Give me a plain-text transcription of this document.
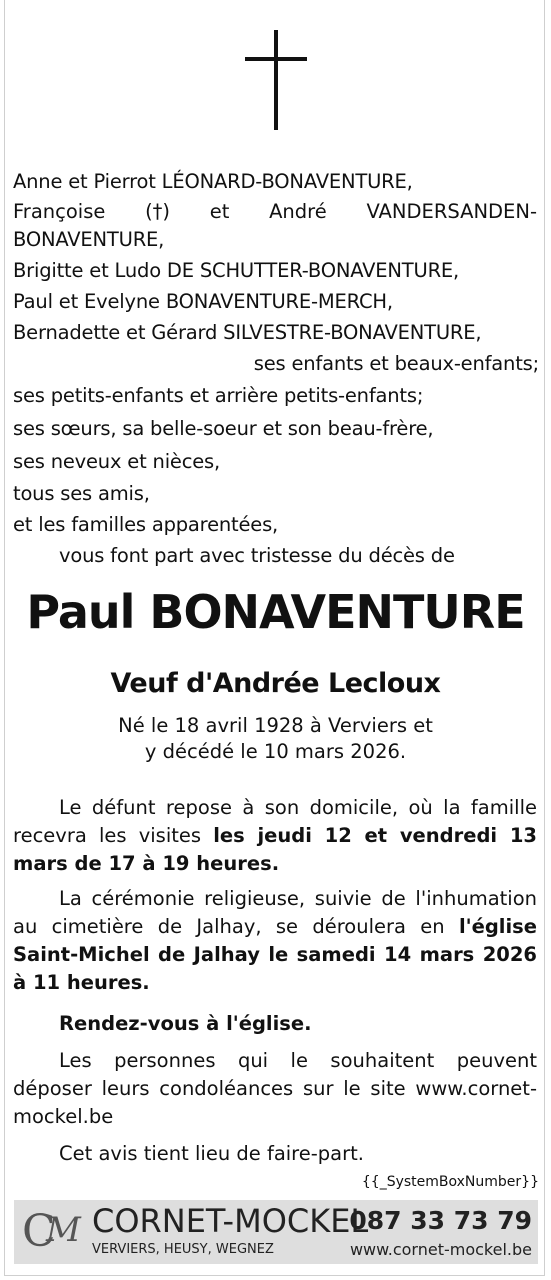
Anne et Pierrot LÉONARD-BONAVENTURE,
Françoise (†) et André VANDERSANDEN-
BONAVENTURE,
Brigitte et Ludo DE SCHUTTER-BONAVENTURE,
Paul et Evelyne BONAVENTURE-MERCH,
Bernadette et Gérard SILVESTRE-BONAVENTURE,
ses enfants et beaux-enfants;
ses petits-enfants et arrière petits-enfants;
ses sœurs, sa belle-soeur et son beau-frère,
ses neveux et nièces,
tous ses amis,
et les familles apparentées,
vous font part avec tristesse du décès de
Paul BONAVENTURE
Veuf d'Andrée Lecloux
Né le 18 avril 1928 à Verviers et
y décédé le 10 mars 2026.

Le défunt repose à son domicile, où la famille recevra les visites les jeudi 12 et vendredi 13 mars de 17 à 19 heures.

La cérémonie religieuse, suivie de l'inhumation au cimetière de Jalhay, se déroulera en l'église Saint-Michel de Jalhay le samedi 14 mars 2026 à 11 heures.

Rendez-vous à l'église.

Les personnes qui le souhaitent peuvent déposer leurs condoléances sur le site www.cornet-mockel.be

Cet avis tient lieu de faire-part.
{{_SystemBoxNumber}}
C
M CORNET-MOCKEL
087 33 73 79
VERVIERS, HEUSY, WEGNEZ	www.cornet-mockel.be
